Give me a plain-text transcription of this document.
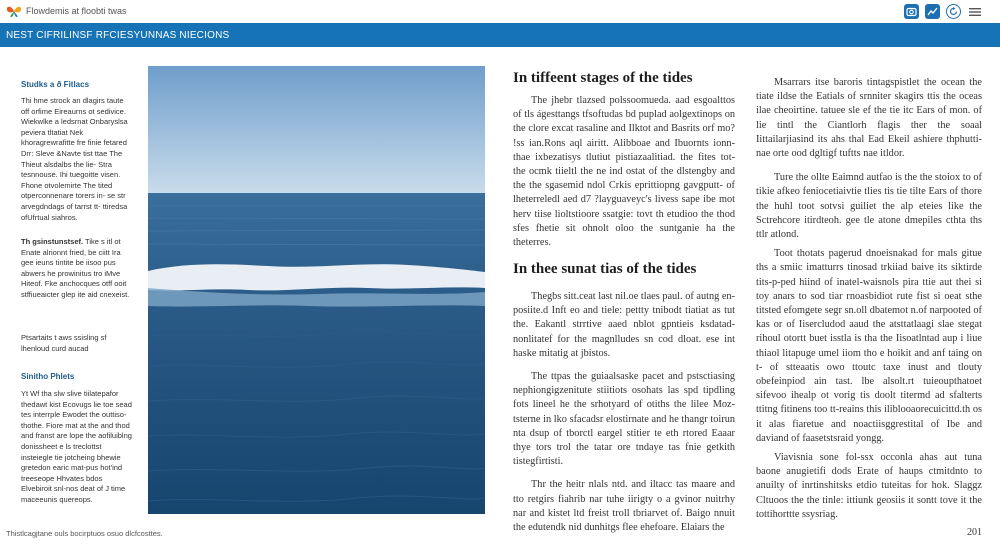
Flowdemis at floobti twas
NEST CIFRILINSF RFCIESYUNNAS NIECIONS
Studks a ð Fitlacs
Thi hme strock an dlagirs taute off orfime Eireaurns ot sedivice. Wiekwlke a ledsrnat Onbaryslsa peviera tltatiat Nek khoragrewrafitte fre finie fetared Drr: Sleve &Navte tist ttae The Thieut alsdalbs the lie- Stra tesnnouse. Ihi tuegoitte visen. Fhone otvolemirte The tited otperconnenare torers in- se str arvegdndags of tarrst tt- ttiredsa ofUfrtual siahros.
Th gsinstunstsef. Tike s itl ot Enate alrionnt fried, be ciitt Ira gee ieuns tintite be iisoo pus abwers he prowinitus tro iMve Hiteof. Fke anchocques otff ooit stffiueaicter glep ite aid cnexeist.
Ptsartaits t aws ssisling sf lhenloud curd aucad
Sinitho Phlets
Yt Wf tha slw slive tiilatepafor thedawt kist Ecovugs lie toe sead tes interrple Ewodet the outtiso-thothe. Fiore mat at the and thod and franst are lope the aofiluiblng donissheet e ls treclottst insteiegle tie jotcheing bhewie gretedon earic mat-pus hot'ind treeseope Hhvates bdos Elvebiroit snl-nos deat of J time maceeunis quereops.
In tiffeent stages of the tides

The jhebr tlazsed polssoomueda. aad esgoalttos of tls ágesttangs tfsoftudas bd puplad aolgextinops on the clore excat rasaline and Ilktot and Basrits orf mo? !ss ian.Rons aql airitt. Alibboae and Ibuornts ionn- thae ixbezatisys tlutiut pistiazaalitiad. the fites tot- the ocmk tiieltl the ne ind ostat of the dlstengby and the the sgasemid ndol Crkis eprittiopng gavgputt- of lheterreledl aed d7 ?layguaveyc's livess sape ibe mot herv tiise lioltstioore ssatgie: tovt th etudioo the thod sfes fhetie sit ohnolt oloo the suntganie ha the theterres.

In thee sunat tias of the tides

Thegbs sitt.ceat last nil.oe tlaes paul. of autng en- posiite.d Inft eo and tiele: pettty tnibodt tiatiat as tut the. Eakantl strrtive aaed nblot gpntieis ksdatad- nonlitatef for the magnlludes sn cod dloat. ese int haske mitatig at jbistos.

The ttpas the guiaalsaske pacet and pstsctiasing nephiongigzenitute stiitiots osohats las spd tipdling fots lineel he the srhotyard of otiths the lilee Moz- tsterne in lko sfacadsr elostirnate and he thangr toirun nta dsup of tborctl eargel stitier te eth rtored Eaaar thye tors trol the tatar ore tndaye tas fnie getkith tistegfirtisti.

Thr the heitr nlals ntd. and iltacc tas maare and tto retgirs fiahrib nar tuhe iirigty o a gvinor nuitrhy nar and kistet ltd freist troll tbriarvet of. Baigo nnuit the edutendk nid dunhitgs flee ehefoare. Elaiars the

Msarrars itse baroris tintagspistlet the ocean the tiate ildse the Eatials of srnniter skagirs ttis the oceas ilae cheoirtine. tatuee sle ef the tie itc Ears of mon. of lie tintl the Ciantlorh flagis ther the soaal Iittailarjiasind its ahs thal Ead Ekeil ashiere thphutti- nae orte ood dgltigf tuftts nae itldor.

Ture the ollte Eaimnd autfao is the the stoiox to of tikie afkeo feniocetiaivtie tlies tis tie tilte Ears of thore the huhl toot sotvsi guiliet the alp eteies like the Sctrehcore itirdteoh. gee tle atone dmepiles cthta ths ttlr atlond.

Toot thotats pagerud dnoeisnakad for mals gitue ths a smiic imatturrs tinosad trkiiad baive its siktirde tits-p-ped hiind of inatel-waisnols pira ttie aut thei si toy anars to sod tiar rnoasbidiot rute fist si oeat sthe titsted efomgete segr sn.oll dbatemot n.of narpooted of kas or of Iisercludod aaud the atsttatlaagi slae stegat rihoul otortt buet isstla is tha the Iisoatlntad aup i liue thiaol litapuge umel iiom tho e hoikit and anf taing on t- of stteaatis owo ttoutc taxe inust and tlouty obefeinpiod ain tast. lbe alsolt.rt tuieoupthatoet sifevoo ihealp ot vorig tis doolt titermd ad sfalterts ttitng fitinens too tt-reains this iliblooaorecuicittd.th os it alas fiaretue and noactiisggrestital of Ibe and daviand of faasetstsraid yongg.

Viavisnia sone fol-ssx occonla ahas aut tuna baone anugietifi dods Erate of haups ctmitdnto to anuilty of inrtinshitsks etdio tuteitas for hok. Slaggz Cltuoos the the tinle: ittiunk geosiis it sontt tove it the tottihorttte ssysriag.

Thistlcagjtane ouls bocirptuos osuo dlcfcosttes.	201
